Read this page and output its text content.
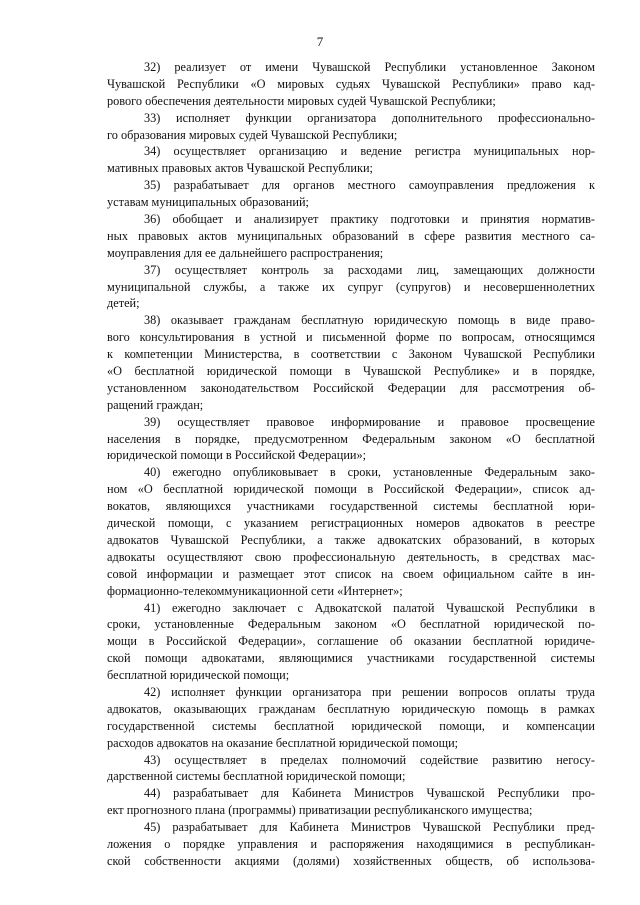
7
32) реализует от имени Чувашской Республики установленное Законом
Чувашской Республики «О мировых судьях Чувашской Республики» право кад-
рового обеспечения деятельности мировых судей Чувашской Республики;
33) исполняет функции организатора дополнительного профессионально-
го образования мировых судей Чувашской Республики;
34) осуществляет организацию и ведение регистра муниципальных нор-
мативных правовых актов Чувашской Республики;
35) разрабатывает для органов местного самоуправления предложения к
уставам муниципальных образований;
36) обобщает и анализирует практику подготовки и принятия норматив-
ных правовых актов муниципальных образований в сфере развития местного са-
моуправления для ее дальнейшего распространения;
37) осуществляет контроль за расходами лиц, замещающих должности
муниципальной службы, а также их супруг (супругов) и несовершеннолетних
детей;
38) оказывает гражданам бесплатную юридическую помощь в виде право-
вого консультирования в устной и письменной форме по вопросам, относящимся
к компетенции Министерства, в соответствии с Законом Чувашской Республики
«О бесплатной юридической помощи в Чувашской Республике» и в порядке,
установленном законодательством Российской Федерации для рассмотрения об-
ращений граждан;
39) осуществляет правовое информирование и правовое просвещение
населения в порядке, предусмотренном Федеральным законом «О бесплатной
юридической помощи в Российской Федерации»;
40) ежегодно опубликовывает в сроки, установленные Федеральным зако-
ном «О бесплатной юридической помощи в Российской Федерации», список ад-
вокатов, являющихся участниками государственной системы бесплатной юри-
дической помощи, с указанием регистрационных номеров адвокатов в реестре
адвокатов Чувашской Республики, а также адвокатских образований, в которых
адвокаты осуществляют свою профессиональную деятельность, в средствах мас-
совой информации и размещает этот список на своем официальном сайте в ин-
формационно-телекоммуникационной сети «Интернет»;
41) ежегодно заключает с Адвокатской палатой Чувашской Республики в
сроки, установленные Федеральным законом «О бесплатной юридической по-
мощи в Российской Федерации», соглашение об оказании бесплатной юридиче-
ской помощи адвокатами, являющимися участниками государственной системы
бесплатной юридической помощи;
42) исполняет функции организатора при решении вопросов оплаты труда
адвокатов, оказывающих гражданам бесплатную юридическую помощь в рамках
государственной системы бесплатной юридической помощи, и компенсации
расходов адвокатов на оказание бесплатной юридической помощи;
43) осуществляет в пределах полномочий содействие развитию негосу-
дарственной системы бесплатной юридической помощи;
44) разрабатывает для Кабинета Министров Чувашской Республики про-
ект прогнозного плана (программы) приватизации республиканского имущества;
45) разрабатывает для Кабинета Министров Чувашской Республики пред-
ложения о порядке управления и распоряжения находящимися в республикан-
ской собственности акциями (долями) хозяйственных обществ, об использова-
